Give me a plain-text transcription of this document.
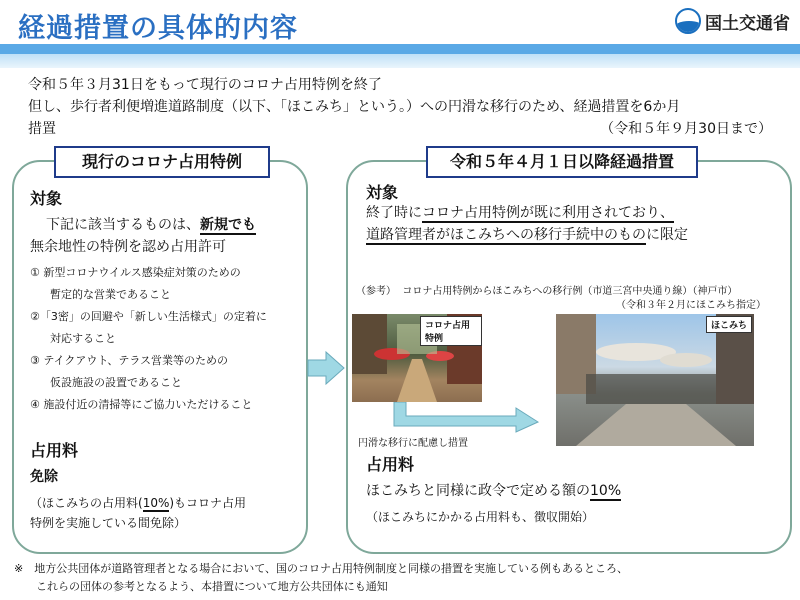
経過措置の具体的内容	国土交通省
令和５年３月31日をもって現行のコロナ占用特例を終了
但し、歩行者利便増進道路制度（以下、「ほこみち」という。）への円滑な移行のため、経過措置を6か月
措置	（令和５年９月30日まで）
現行のコロナ占用特例
対象
下記に該当するものは、新規でも
無余地性の特例を認め占用許可
① 新型コロナウイルス感染症対策のための
暫定的な営業であること
②「3密」の回避や「新しい生活様式」の定着に
対応すること
③ テイクアウト、テラス営業等のための
仮設施設の設置であること
④ 施設付近の清掃等にご協力いただけること
占用料
免除
（ほこみちの占用料(10%)もコロナ占用
特例を実施している間免除）
令和５年４月１日以降経過措置
対象
終了時にコロナ占用特例が既に利用されており、
道路管理者がほこみちへの移行手続中のものに限定
（参考） コロナ占用特例からほこみちへの移行例（市道三宮中央通り線）（神戸市）
（令和３年２月にほこみち指定）
コロナ占用特例
ほこみち
円滑な移行に配慮し措置
占用料
ほこみちと同様に政令で定める額の10%
（ほこみちにかかる占用料も、徴収開始）
※　地方公共団体が道路管理者となる場合において、国のコロナ占用特例制度と同様の措置を実施している例もあるところ、
これらの団体の参考となるよう、本措置について地方公共団体にも通知
